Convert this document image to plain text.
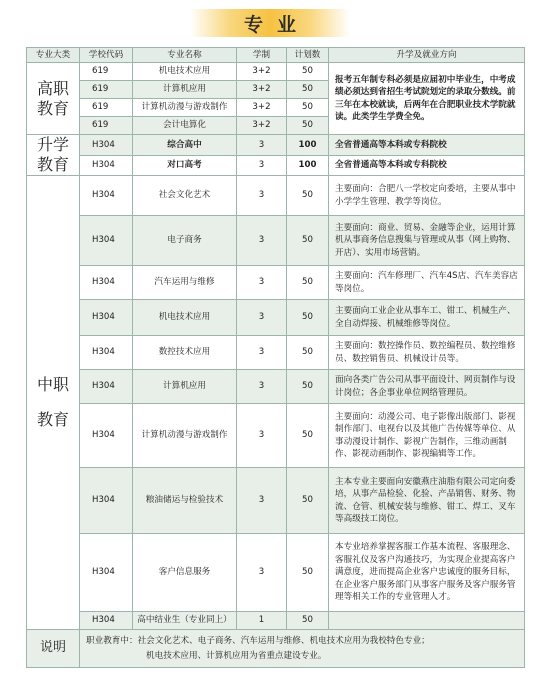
专业
专业大类	学校代码	专业名称	学制	计划数	升学及就业方向
高职教育	619	机电技术应用	3+2	50	报考五年制专科必须是应届初中毕业生，中考成绩必须达到省招生考试院划定的录取分数线。前三年在本校就读，后两年在合肥职业技术学院就读。此类学生学费全免。
	619	计算机应用	3+2	50	
	619	计算机动漫与游戏制作	3+2	50	
	619	会计电算化	3+2	50	
升学教育	H304	综合高中	3	100	全省普通高等本科或专科院校
	H304	对口高考	3	100	全省普通高等本科或专科院校
中职教育	H304	社会文化艺术	3	50	主要面向：合肥八一学校定向委培，主要从事中小学学生管理、教学等岗位。
	H304	电子商务	3	50	主要面向：商业、贸易、金融等企业，运用计算机从事商务信息搜集与管理或从事（网上购物、开店）、实用市场营销。
	H304	汽车运用与维修	3	50	主要面向：汽车修理厂、汽车4S店、汽车美容店等岗位。
	H304	机电技术应用	3	50	主要面向工业企业从事车工、钳工、机械生产、全自动焊接、机械维修等岗位。
	H304	数控技术应用	3	50	主要面向：数控操作员、数控编程员、数控维修员、数控销售员、机械设计员等。
	H304	计算机应用	3	50	面向各类广告公司从事平面设计、网页制作与设计岗位；各企事业单位网络管理员。
	H304	计算机动漫与游戏制作	3	50	主要面向：动漫公司、电子影像出版部门、影视制作部门、电视台以及其他广告传媒等单位、从事动漫设计制作、影视广告制作，三维动画制作、影视动画制作、影视编辑等工作。
	H304	粮油储运与检验技术	3	50	主本专业主要面向安徽燕庄油脂有限公司定向委培，从事产品检验、化验、产品销售、财务、物流、仓管、机械安装与维修、钳工、焊工、叉车等高级技工岗位。
	H304	客户信息服务	3	50	本专业培养掌握客服工作基本流程、客服理念、客服礼仪及客户沟通技巧，为实现企业提高客户满意度，进而提高企业客户忠诚度的服务目标，在企业客户服务部门从事客户服务及客户服务管理等相关工作的专业管理人才。
	H304	高中结业生（专业同上）	1	50	
说明	职业教育中：社会文化艺术、电子商务、汽车运用与维修、机电技术应用为我校特色专业；
机电技术应用、计算机应用为省重点建设专业。				
